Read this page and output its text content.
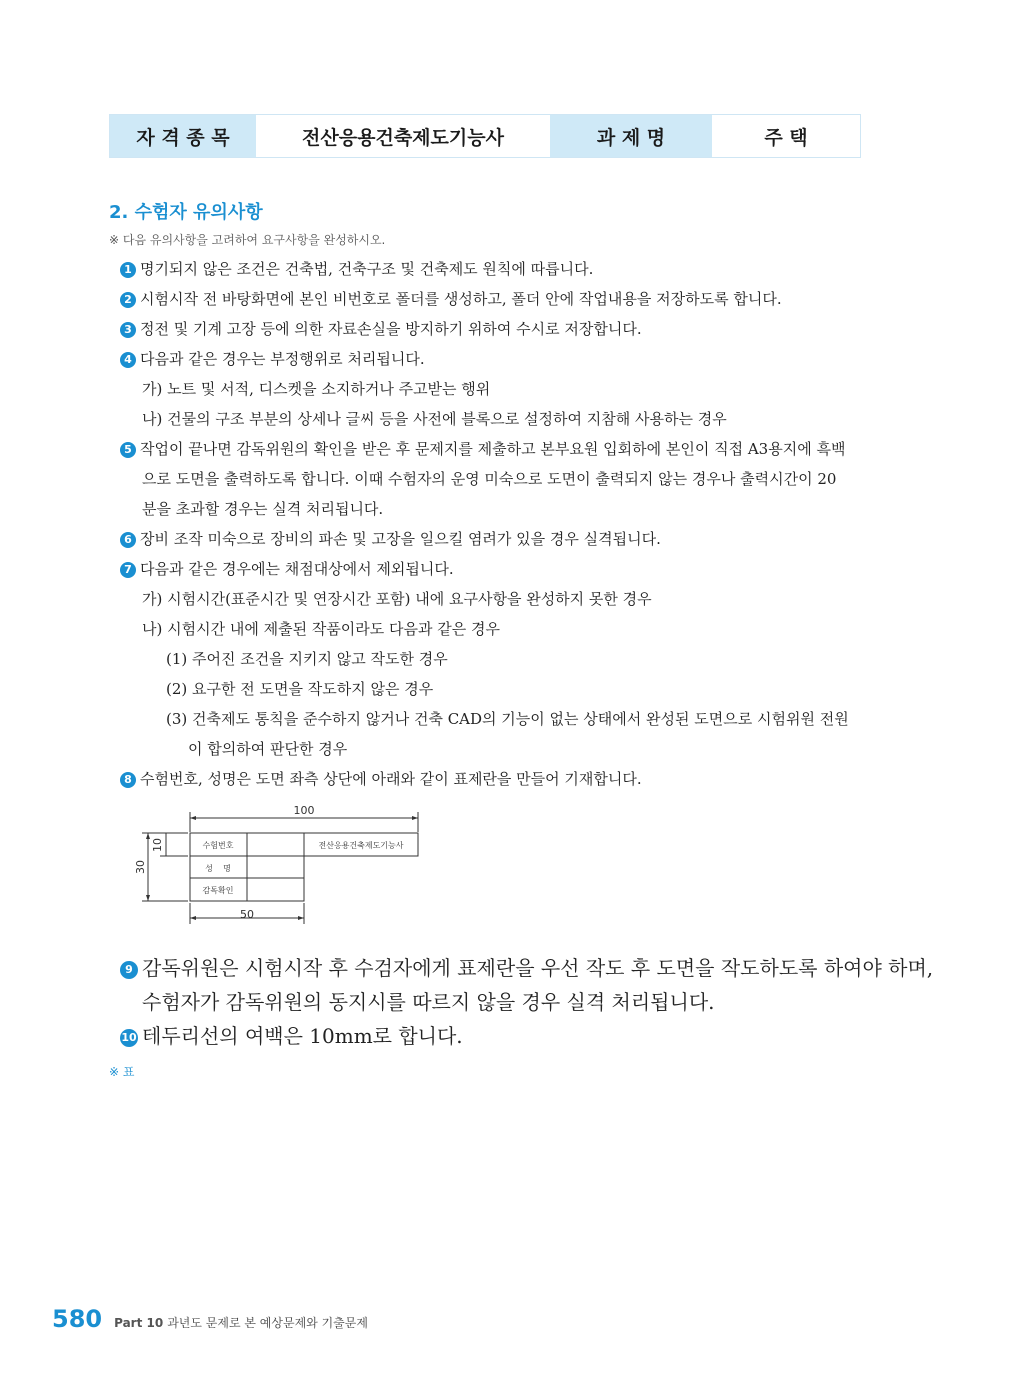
자 격 종 목	전산응용건축제도기능사	과 제 명	주 택
2. 수험자 유의사항
※ 다음 유의사항을 고려하여 요구사항을 완성하시오.
1 명기되지 않은 조건은 건축법, 건축구조 및 건축제도 원칙에 따릅니다.
2 시험시작 전 바탕화면에 본인 비번호로 폴더를 생성하고, 폴더 안에 작업내용을 저장하도록 합니다.
3 정전 및 기계 고장 등에 의한 자료손실을 방지하기 위하여 수시로 저장합니다.
4 다음과 같은 경우는 부정행위로 처리됩니다.
가) 노트 및 서적, 디스켓을 소지하거나 주고받는 행위
나) 건물의 구조 부분의 상세나 글씨 등을 사전에 블록으로 설정하여 지참해 사용하는 경우
5 작업이 끝나면 감독위원의 확인을 받은 후 문제지를 제출하고 본부요원 입회하에 본인이 직접 A3용지에 흑백
으로 도면을 출력하도록 합니다. 이때 수험자의 운영 미숙으로 도면이 출력되지 않는 경우나 출력시간이 20
분을 초과할 경우는 실격 처리됩니다.
6 장비 조작 미숙으로 장비의 파손 및 고장을 일으킬 염려가 있을 경우 실격됩니다.
7 다음과 같은 경우에는 채점대상에서 제외됩니다.
가) 시험시간(표준시간 및 연장시간 포함) 내에 요구사항을 완성하지 못한 경우
나) 시험시간 내에 제출된 작품이라도 다음과 같은 경우
(1) 주어진 조건을 지키지 않고 작도한 경우
(2) 요구한 전 도면을 작도하지 않은 경우
(3) 건축제도 통칙을 준수하지 않거나 건축 CAD의 기능이 없는 상태에서 완성된 도면으로 시험위원 전원
이 합의하여 판단한 경우
8 수험번호, 성명은 도면 좌측 상단에 아래와 같이 표제란을 만들어 기재합니다.
100
50
30
10	수험번호
성    명
감독확인
전산응용건축제도기능사
9 감독위원은 시험시작 후 수검자에게 표제란을 우선 작도 후 도면을 작도하도록 하여야 하며,
수험자가 감독위원의 동지시를 따르지 않을 경우 실격 처리됩니다.
10 테두리선의 여백은 10mm로 합니다.
※ 표
580 Part 10 과년도 문제로 본 예상문제와 기출문제
